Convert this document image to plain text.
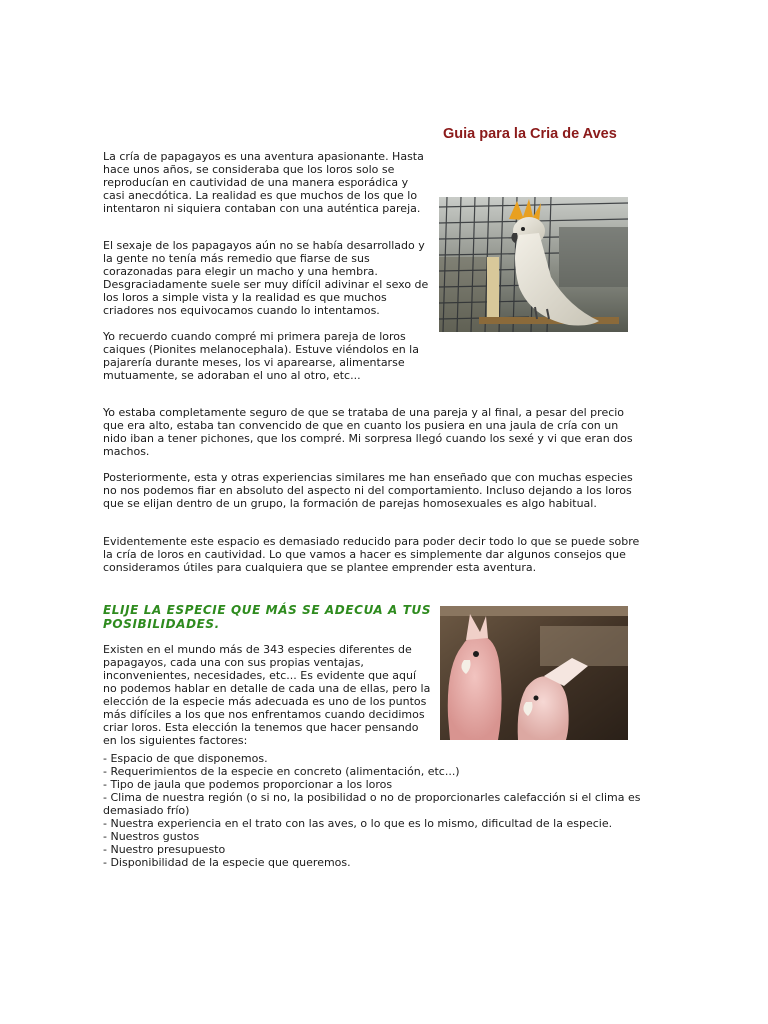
Guia para la Cria de Aves

La cría de papagayos es una aventura apasionante. Hasta hace unos años, se consideraba que los loros solo se reproducían en cautividad de una manera esporádica y casi anecdótica. La realidad es que muchos de los que lo intentaron ni siquiera contaban con una auténtica pareja.

El sexaje de los papagayos aún no se había desarrollado y la gente no tenía más remedio que fiarse de sus corazonadas para elegir un macho y una hembra. Desgraciadamente suele ser muy difícil adivinar el sexo de los loros a simple vista y la realidad es que muchos criadores nos equivocamos cuando lo intentamos.

Yo recuerdo cuando compré mi primera pareja de loros caiques (Pionites melanocephala). Estuve viéndolos en la pajarería durante meses, los vi aparearse, alimentarse mutuamente, se adoraban el uno al otro, etc...

Yo estaba completamente seguro de que se trataba de una pareja y al final, a pesar del precio que era alto, estaba tan convencido de que en cuanto los pusiera en una jaula de cría con un nido iban a tener pichones, que los compré. Mi sorpresa llegó cuando los sexé y vi que eran dos machos.

Posteriormente, esta y otras experiencias similares me han enseñado que con muchas especies no nos podemos fiar en absoluto del aspecto ni del comportamiento. Incluso dejando a los loros que se elijan dentro de un grupo, la formación de parejas homosexuales es algo habitual.

Evidentemente este espacio es demasiado reducido para poder decir todo lo que se puede sobre la cría de loros en cautividad. Lo que vamos a hacer es simplemente dar algunos consejos que consideramos útiles para cualquiera que se plantee emprender esta aventura.

ELIJE LA ESPECIE QUE MÁS SE ADECUA A TUS POSIBILIDADES.

Existen en el mundo más de 343 especies diferentes de papagayos, cada una con sus propias ventajas, inconvenientes, necesidades, etc... Es evidente que aquí no podemos hablar en detalle de cada una de ellas, pero la elección de la especie más adecuada es uno de los puntos más difíciles a los que nos enfrentamos cuando decidimos criar loros. Esta elección la tenemos que hacer pensando en los siguientes factores:

- Espacio de que disponemos.
- Requerimientos de la especie en concreto (alimentación, etc...)
- Tipo de jaula que podemos proporcionar a los loros
- Clima de nuestra región (o si no, la posibilidad o no de proporcionarles calefacción si el clima es demasiado frío)
- Nuestra experiencia en el trato con las aves, o lo que es lo mismo, dificultad de la especie.
- Nuestros gustos
- Nuestro presupuesto
- Disponibilidad de la especie que queremos.
